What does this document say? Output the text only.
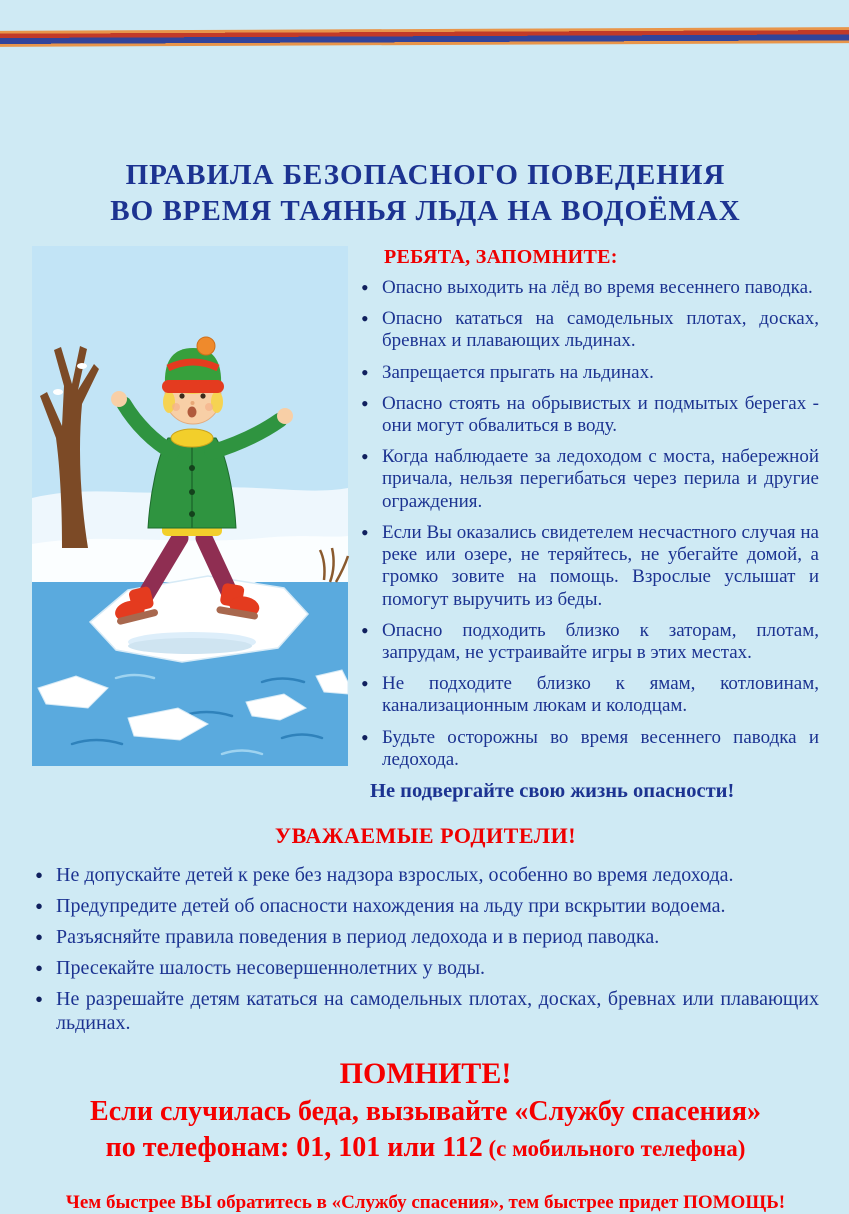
ПРАВИЛА БЕЗОПАСНОГО ПОВЕДЕНИЯ
ВО ВРЕМЯ ТАЯНЬЯ ЛЬДА НА ВОДОЁМАХ
РЕБЯТА, ЗАПОМНИТЕ:
• Опасно выходить на лёд во время весеннего паводка.
• Опасно кататься на самодельных плотах, досках, бревнах и плавающих льдинах.
• Запрещается прыгать на льдинах.
• Опасно стоять на обрывистых и подмытых берегах - они могут обвалиться в воду.
• Когда наблюдаете за ледоходом с моста, набережной причала, нельзя перегибаться через перила и другие ограждения.
• Если Вы оказались свидетелем несчастного случая на реке или озере, не теряйтесь, не убегайте домой, а громко зовите на помощь. Взрослые услышат и помогут выручить из беды.
• Опасно подходить близко к заторам, плотам, запрудам, не устраивайте игры в этих местах.
• Не подходите близко к ямам, котловинам, канализационным люкам и колодцам.
• Будьте осторожны во время весеннего паводка и ледохода.
Не подвергайте свою жизнь опасности!
УВАЖАЕМЫЕ РОДИТЕЛИ!
• Не допускайте детей к реке без надзора взрослых, особенно во время ледохода.
• Предупредите детей об опасности нахождения на льду при вскрытии водоема.
• Разъясняйте правила поведения в период ледохода и в период паводка.
• Пресекайте шалость несовершеннолетних у воды.
• Не разрешайте детям кататься на самодельных плотах, досках, бревнах или плавающих льдинах.
ПОМНИТЕ!
Если случилась беда, вызывайте «Службу спасения»
по телефонам: 01, 101 или 112 (с мобильного телефона)
Чем быстрее ВЫ обратитесь в «Службу спасения», тем быстрее придет ПОМОЩЬ!
